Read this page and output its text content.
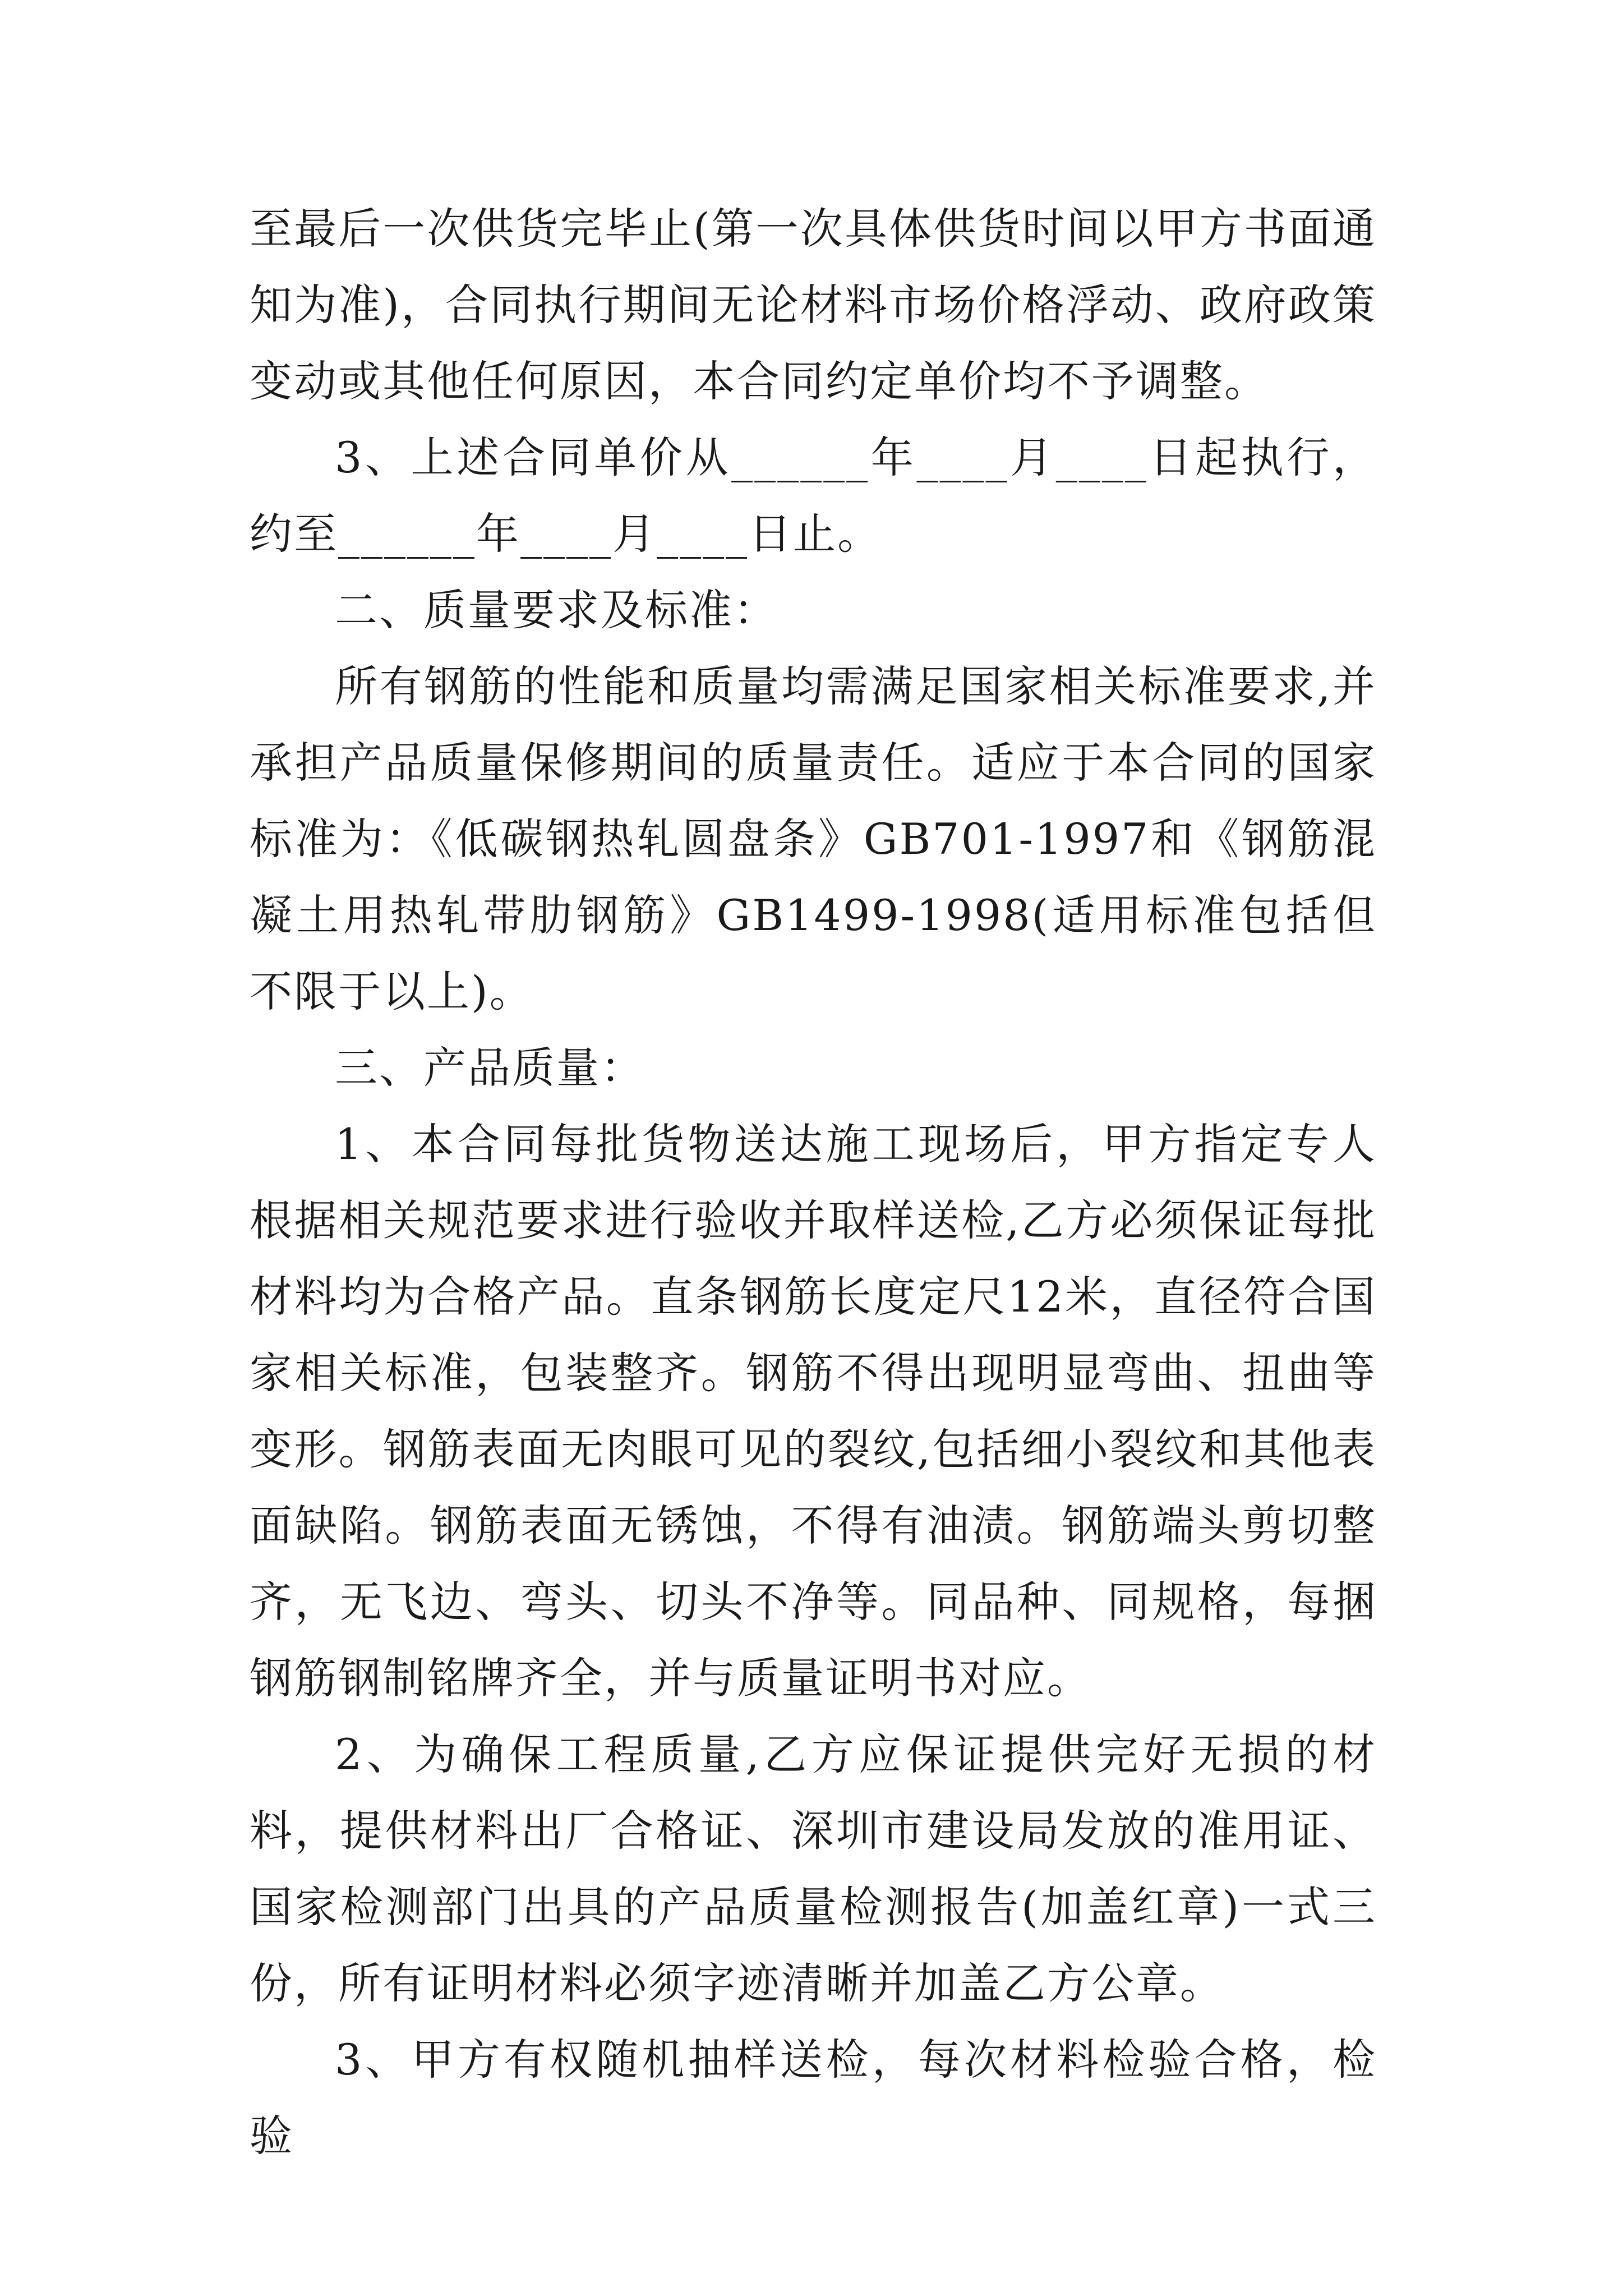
至最后一次供货完毕止(第一次具体供货时间以甲方书面通知为准)，合同执行期间无论材料市场价格浮动、政府政策变动或其他任何原因，本合同约定单价均不予调整。

3、上述合同单价从______年____月____日起执行，约至______年____月____日止。

二、质量要求及标准：

所有钢筋的性能和质量均需满足国家相关标准要求,并承担产品质量保修期间的质量责任。适应于本合同的国家标准为：《低碳钢热轧圆盘条》GB701-1997和《钢筋混凝土用热轧带肋钢筋》GB1499-1998(适用标准包括但不限于以上)。

三、产品质量：

1、本合同每批货物送达施工现场后，甲方指定专人根据相关规范要求进行验收并取样送检,乙方必须保证每批材料均为合格产品。直条钢筋长度定尺12米，直径符合国家相关标准，包装整齐。钢筋不得出现明显弯曲、扭曲等变形。钢筋表面无肉眼可见的裂纹,包括细小裂纹和其他表面缺陷。钢筋表面无锈蚀，不得有油渍。钢筋端头剪切整齐，无飞边、弯头、切头不净等。同品种、同规格，每捆钢筋钢制铭牌齐全，并与质量证明书对应。

2、为确保工程质量,乙方应保证提供完好无损的材料，提供材料出厂合格证、深圳市建设局发放的准用证、国家检测部门出具的产品质量检测报告(加盖红章)一式三份，所有证明材料必须字迹清晰并加盖乙方公章。

3、甲方有权随机抽样送检，每次材料检验合格，检验
